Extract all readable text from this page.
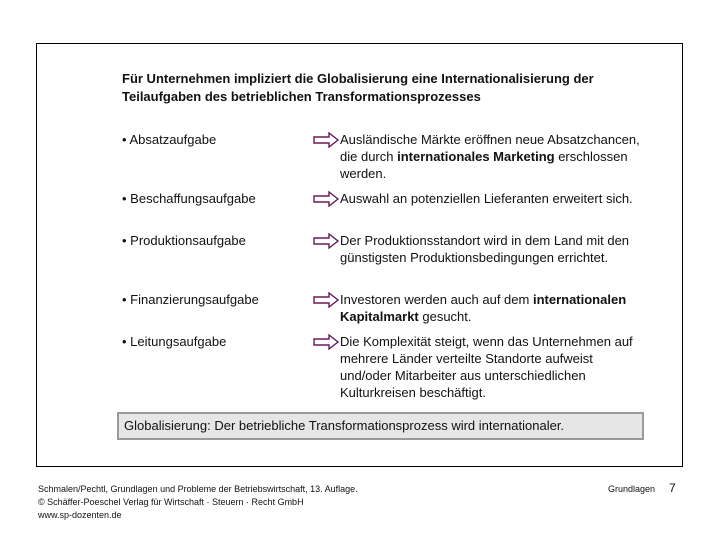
Für Unternehmen impliziert die Globalisierung eine Internationalisierung der
Teilaufgaben des betrieblichen Transformationsprozesses
• Absatzaufgabe	Ausländische Märkte eröffnen neue Absatzchancen, die durch internationales Marketing erschlossen werden.
• Beschaffungsaufgabe	Auswahl an potenziellen Lieferanten erweitert sich.
• Produktionsaufgabe	Der Produktionsstandort wird in dem Land mit den günstigsten Produktionsbedingungen errichtet.
• Finanzierungsaufgabe	Investoren werden auch auf dem internationalen Kapitalmarkt gesucht.
• Leitungsaufgabe	Die Komplexität steigt, wenn das Unternehmen auf mehrere Länder verteilte Standorte aufweist und/oder Mitarbeiter aus unterschiedlichen Kulturkreisen beschäftigt.
Globalisierung: Der betriebliche Transformationsprozess wird internationaler.
Schmalen/Pechtl, Grundlagen und Probleme der Betriebswirtschaft, 13. Auflage.
© Schäffer-Poeschel Verlag für Wirtschaft · Steuern · Recht GmbH
www.sp-dozenten.de
Grundlagen 7
